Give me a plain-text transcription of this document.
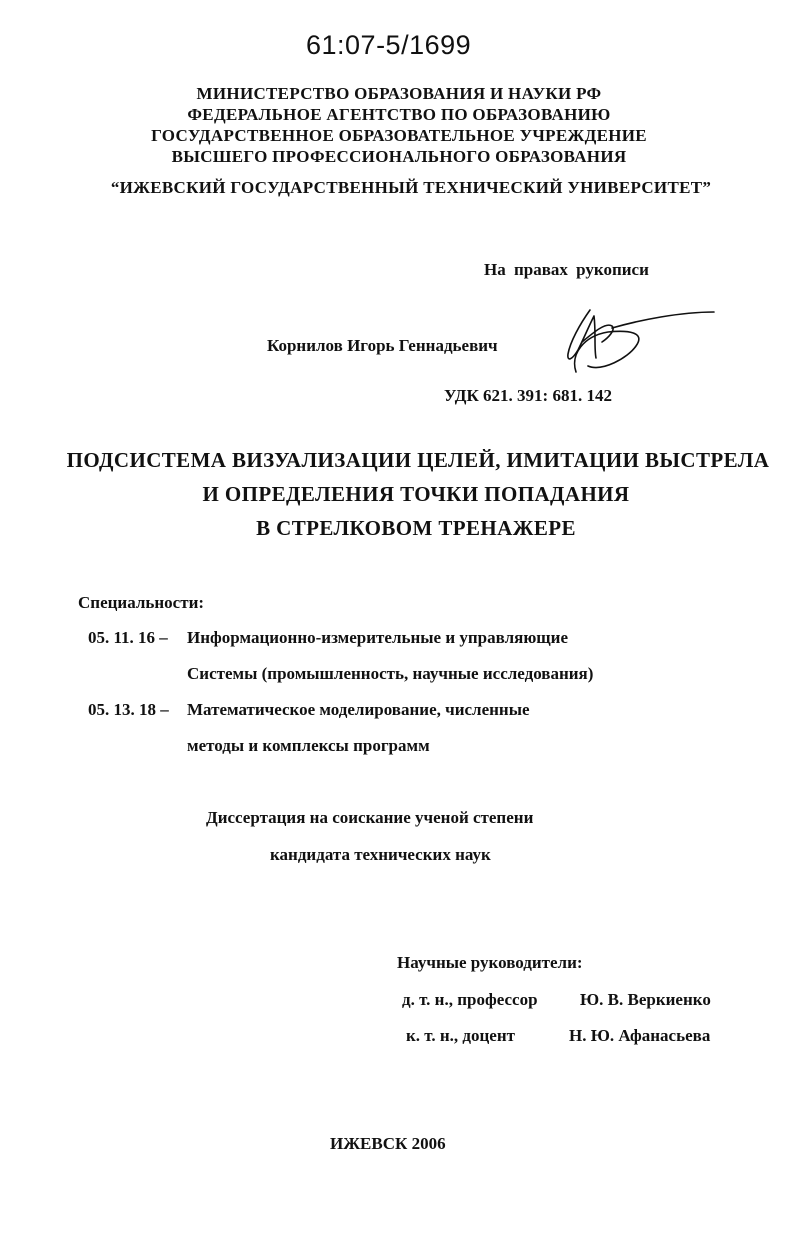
61:07-5/1699
МИНИСТЕРСТВО ОБРАЗОВАНИЯ И НАУКИ РФ
ФЕДЕРАЛЬНОЕ АГЕНТСТВО ПО ОБРАЗОВАНИЮ
ГОСУДАРСТВЕННОЕ ОБРАЗОВАТЕЛЬНОЕ УЧРЕЖДЕНИЕ
ВЫСШЕГО ПРОФЕССИОНАЛЬНОГО ОБРАЗОВАНИЯ
“ИЖЕВСКИЙ ГОСУДАРСТВЕННЫЙ ТЕХНИЧЕСКИЙ УНИВЕРСИТЕТ”
На правах рукописи
Корнилов Игорь Геннадьевич
УДК 621. 391: 681. 142
ПОДСИСТЕМА ВИЗУАЛИЗАЦИИ ЦЕЛЕЙ, ИМИТАЦИИ ВЫСТРЕЛА
И ОПРЕДЕЛЕНИЯ ТОЧКИ ПОПАДАНИЯ
В СТРЕЛКОВОМ ТРЕНАЖЕРЕ
Специальности:
05. 11. 16 – Информационно-измерительные и управляющие
Системы (промышленность, научные исследования)
05. 13. 18 – Математическое моделирование, численные
методы и комплексы программ
Диссертация на соискание ученой степени
кандидата технических наук
Научные руководители:
д. т. н., профессор Ю. В. Веркиенко
к. т. н., доцент	Н. Ю. Афанасьева
ИЖЕВСК 2006
